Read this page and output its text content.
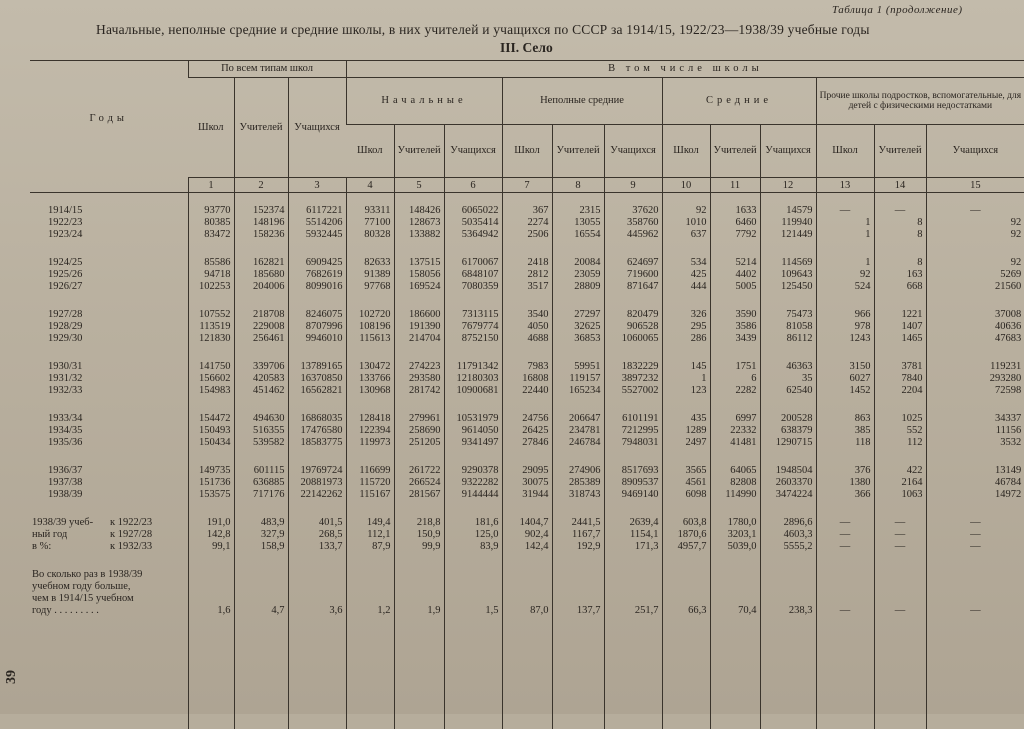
Таблица 1 (продолжение)
Начальные, неполные средние и средние школы, в них учителей и учащихся по СССР за 1914/15, 1922/23—1938/39 учебные годы
III. Село
Годы	По всем типам школ			В том числе школы											
	Школ	Учителей	Учащихся	Начальные			Неполные средние			Средние			Прочие школы подростков, вспомогательные, для детей с физическими недостатками		
				Школ	Учителей	Учащихся	Школ	Учителей	Учащихся	Школ	Учителей	Учащихся	Школ	Учителей	Учащихся
	1	2	3	4	5	6	7	8	9	10	11	12	13	14	15

1914/15	93770	152374	6117221	93311	148426	6065022	367	2315	37620	92	1633	14579	—	—	—
1922/23	80385	148196	5514206	77100	128673	5035414	2274	13055	358760	1010	6460	119940	1	8	92
1923/24	83472	158236	5932445	80328	133882	5364942	2506	16554	445962	637	7792	121449	1	8	92

1924/25	85586	162821	6909425	82633	137515	6170067	2418	20084	624697	534	5214	114569	1	8	92
1925/26	94718	185680	7682619	91389	158056	6848107	2812	23059	719600	425	4402	109643	92	163	5269
1926/27	102253	204006	8099016	97768	169524	7080359	3517	28809	871647	444	5005	125450	524	668	21560

1927/28	107552	218708	8246075	102720	186600	7313115	3540	27297	820479	326	3590	75473	966	1221	37008
1928/29	113519	229008	8707996	108196	191390	7679774	4050	32625	906528	295	3586	81058	978	1407	40636
1929/30	121830	256461	9946010	115613	214704	8752150	4688	36853	1060065	286	3439	86112	1243	1465	47683

1930/31	141750	339706	13789165	130472	274223	11791342	7983	59951	1832229	145	1751	46363	3150	3781	119231
1931/32	156602	420583	16370850	133766	293580	12180303	16808	119157	3897232	1	6	35	6027	7840	293280
1932/33	154983	451462	16562821	130968	281742	10900681	22440	165234	5527002	123	2282	62540	1452	2204	72598

1933/34	154472	494630	16868035	128418	279961	10531979	24756	206647	6101191	435	6997	200528	863	1025	34337
1934/35	150493	516355	17476580	122394	258690	9614050	26425	234781	7212995	1289	22332	638379	385	552	11156
1935/36	150434	539582	18583775	119973	251205	9341497	27846	246784	7948031	2497	41481	1290715	118	112	3532

1936/37	149735	601115	19769724	116699	261722	9290378	29095	274906	8517693	3565	64065	1948504	376	422	13149
1937/38	151736	636885	20881973	115720	266524	9322282	30075	285389	8909537	4561	82808	2603370	1380	2164	46784
1938/39	153575	717176	22142262	115167	281567	9144444	31944	318743	9469140	6098	114990	3474224	366	1063	14972

1938/39 учеб- к 1922/23	191,0	483,9	401,5	149,4	218,8	181,6	1404,7	2441,5	2639,4	603,8	1780,0	2896,6	—	—	—
ный год к 1927/28	142,8	327,9	268,5	112,1	150,9	125,0	902,4	1167,7	1154,1	1870,6	3203,1	4603,3	—	—	—
в %: к 1932/33	99,1	158,9	133,7	87,9	99,9	83,9	142,4	192,9	171,3	4957,7	5039,0	5555,2	—	—	—

Во сколько раз в 1938/39															
учебном году больше,															
чем в 1914/15 учебном															
году . . . . . . . . .	1,6	4,7	3,6	1,2	1,9	1,5	87,0	137,7	251,7	66,3	70,4	238,3	—	—	—

39
